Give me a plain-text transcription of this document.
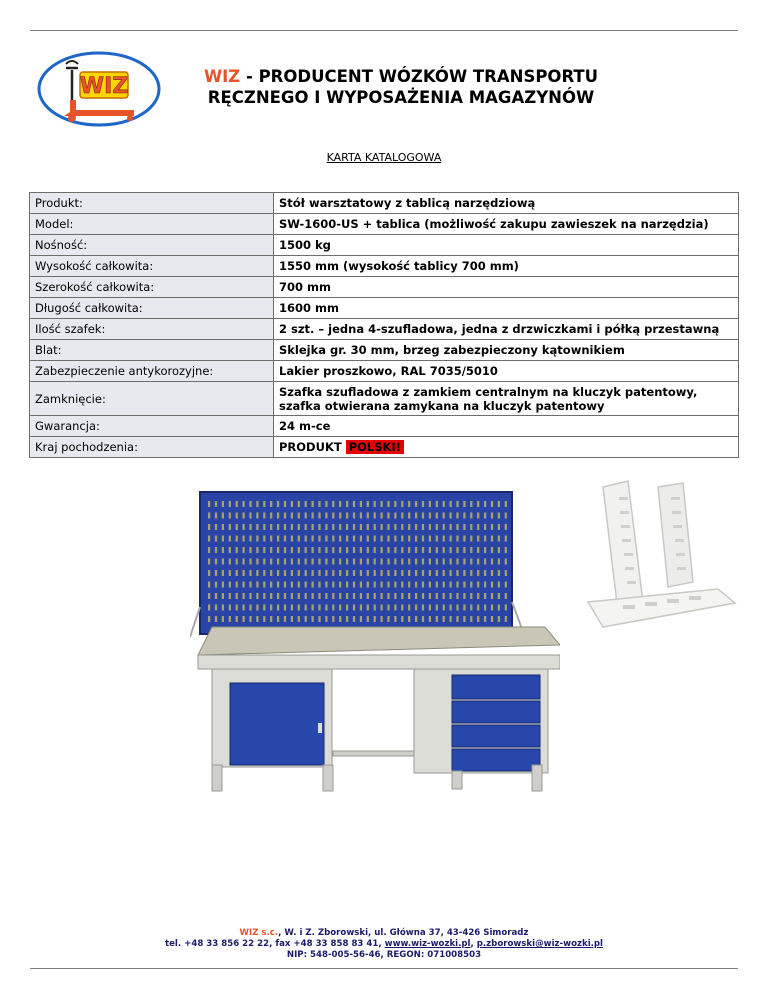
WIZ	WIZ - PRODUCENT WÓZKÓW TRANSPORTU
RĘCZNEGO I WYPOSAŻENIA MAGAZYNÓW
KARTA KATALOGOWA
Produkt:	Stół warsztatowy z tablicą narzędziową
Model:	SW-1600-US + tablica (możliwość zakupu zawieszek na narzędzia)
Nośność:	1500 kg
Wysokość całkowita:	1550 mm (wysokość tablicy 700 mm)
Szerokość całkowita:	700 mm
Długość całkowita:	1600 mm
Ilość szafek:	2 szt. – jedna 4-szufladowa, jedna z drzwiczkami i półką przestawną
Blat:	Sklejka gr. 30 mm, brzeg zabezpieczony kątownikiem
Zabezpieczenie antykorozyjne:	Lakier proszkowo, RAL 7035/5010
Zamknięcie:	Szafka szufladowa z zamkiem centralnym na kluczyk patentowy, szafka otwierana zamykana na kluczyk patentowy
Gwarancja:	24 m-ce
Kraj pochodzenia:	PRODUKT POLSKI!
WIZ s.c., W. i Z. Zborowski, ul. Główna 37, 43-426 Simoradz
tel. +48 33 856 22 22, fax +48 33 858 83 41, www.wiz-wozki.pl, p.zborowski@wiz-wozki.pl
NIP: 548-005-56-46, REGON: 071008503
